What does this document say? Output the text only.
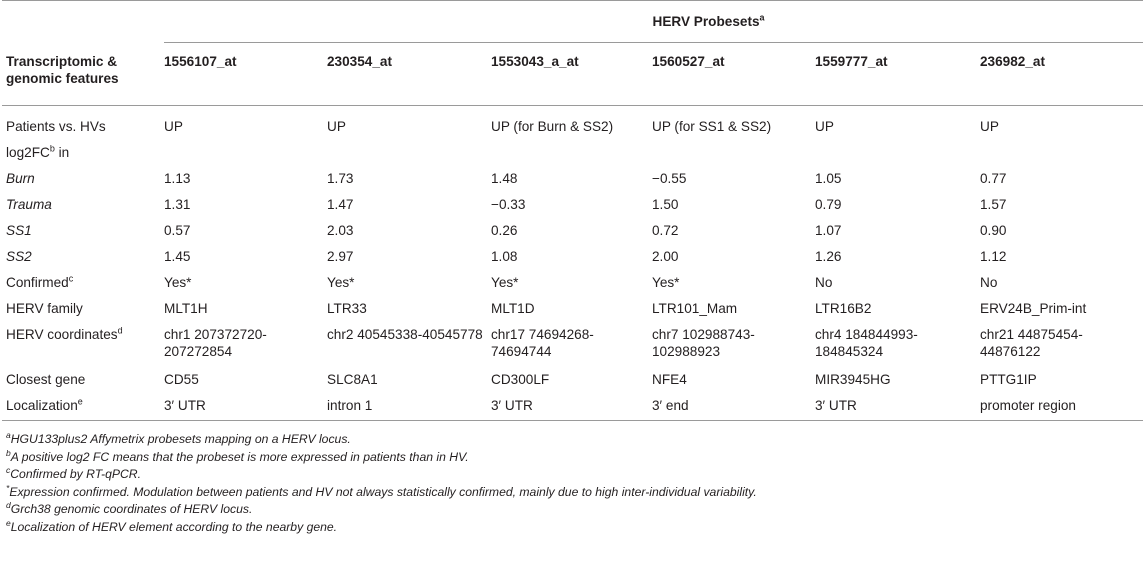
	HERV Probesets$^a$
Transcriptomic &
genomic features	1556107_at	230354_at	1553043_a_at	1560527_at	1559777_at	236982_at
Patients vs. HVs	UP	UP	UP (for Burn & SS2)	UP (for SS1 & SS2)	UP	UP
$\log 2FC^b$ in						
Burn	1.13	1.73	1.48	−0.55	1.05	0.77
Trauma	1.31	1.47	−0.33	1.50	0.79	1.57
SS1	0.57	2.03	0.26	0.72	1.07	0.90
SS2	1.45	2.97	1.08	2.00	1.26	1.12
Confirmed$^c$	Yes*	Yes*	Yes*	Yes*	No	No
HERV family	MLT1H	LTR33	MLT1D	LTR101_Mam	LTR16B2	ERV24B_Prim-int
HERV coordinates$^d$	chr1 207372720-207272854	chr2 40545338-40545778	chr17 74694268-74694744	chr7 102988743-102988923	chr4 184844993-184845324	chr21 44875454-44876122
Closest gene	CD55	SLC8A1	CD300LF	NFE4	MIR3945HG	PTTG1IP
Localization$^e$	3′ UTR	intron 1	3′ UTR	3′ end	3′ UTR	promoter region
$^a$HGU133plus2 Affymetrix probesets mapping on a HERV locus.
$^b$A positive log2 FC means that the probeset is more expressed in patients than in HV.
$^c$Confirmed by RT-qPCR.
*Expression confirmed. Modulation between patients and HV not always statistically confirmed, mainly due to high inter-individual variability.
$^d$Grch38 genomic coordinates of HERV locus.
$^e$Localization of HERV element according to the nearby gene.
